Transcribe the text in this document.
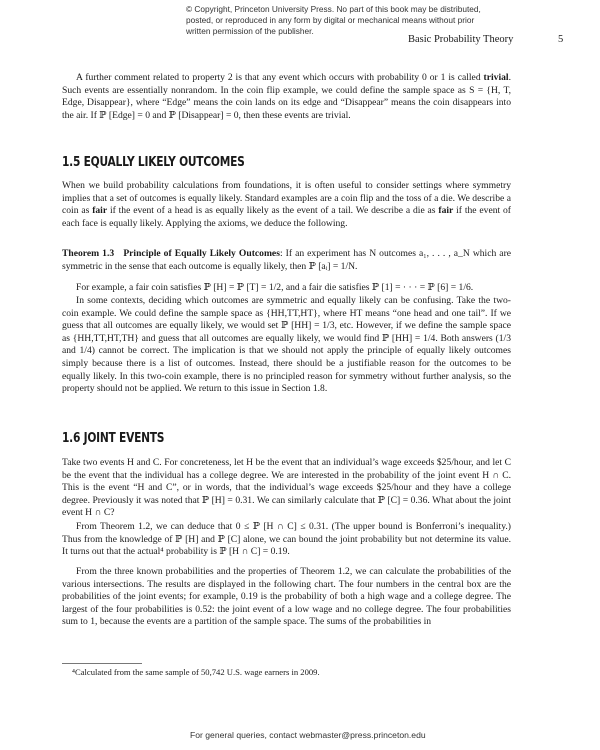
© Copyright, Princeton University Press. No part of this book may be distributed, posted, or reproduced in any form by digital or mechanical means without prior written permission of the publisher.
Basic Probability Theory	5

A further comment related to property 2 is that any event which occurs with probability 0 or 1 is called trivial. Such events are essentially nonrandom. In the coin flip example, we could define the sample space as S = {H, T, Edge, Disappear}, where “Edge” means the coin lands on its edge and “Disappear” means the coin disappears into the air. If ℙ [Edge] = 0 and ℙ [Disappear] = 0, then these events are trivial.

1.5 EQUALLY LIKELY OUTCOMES

When we build probability calculations from foundations, it is often useful to consider settings where symmetry implies that a set of outcomes is equally likely. Standard examples are a coin flip and the toss of a die. We describe a coin as fair if the event of a head is as equally likely as the event of a tail. We describe a die as fair if the event of each face is equally likely. Applying the axioms, we deduce the following.

Theorem 1.3 Principle of Equally Likely Outcomes: If an experiment has N outcomes a₁, . . . , a_N which are symmetric in the sense that each outcome is equally likely, then ℙ [aᵢ] = 1/N.

For example, a fair coin satisfies ℙ [H] = ℙ [T] = 1/2, and a fair die satisfies ℙ [1] = · · · = ℙ [6] = 1/6.

In some contexts, deciding which outcomes are symmetric and equally likely can be confusing. Take the two-coin example. We could define the sample space as {HH,TT,HT}, where HT means “one head and one tail”. If we guess that all outcomes are equally likely, we would set ℙ [HH] = 1/3, etc. However, if we define the sample space as {HH,TT,HT,TH} and guess that all outcomes are equally likely, we would find ℙ [HH] = 1/4. Both answers (1/3 and 1/4) cannot be correct. The implication is that we should not apply the principle of equally likely outcomes simply because there is a list of outcomes. Instead, there should be a justifiable reason for the outcomes to be equally likely. In this two-coin example, there is no principled reason for symmetry without further analysis, so the property should not be applied. We return to this issue in Section 1.8.

1.6 JOINT EVENTS

Take two events H and C. For concreteness, let H be the event that an individual’s wage exceeds $25/hour, and let C be the event that the individual has a college degree. We are interested in the probability of the joint event H ∩ C. This is the event “H and C”, or in words, that the individual’s wage exceeds $25/hour and they have a college degree. Previously it was noted that ℙ [H] = 0.31. We can similarly calculate that ℙ [C] = 0.36. What about the joint event H ∩ C?

From Theorem 1.2, we can deduce that 0 ≤ ℙ [H ∩ C] ≤ 0.31. (The upper bound is Bonferroni’s inequality.) Thus from the knowledge of ℙ [H] and ℙ [C] alone, we can bound the joint probability but not determine its value. It turns out that the actual⁴ probability is ℙ [H ∩ C] = 0.19.

From the three known probabilities and the properties of Theorem 1.2, we can calculate the probabilities of the various intersections. The results are displayed in the following chart. The four numbers in the central box are the probabilities of the joint events; for example, 0.19 is the probability of both a high wage and a college degree. The largest of the four probabilities is 0.52: the joint event of a low wage and no college degree. The four probabilities sum to 1, because the events are a partition of the sample space. The sums of the probabilities in

⁴Calculated from the same sample of 50,742 U.S. wage earners in 2009.
For general queries, contact webmaster@press.princeton.edu
